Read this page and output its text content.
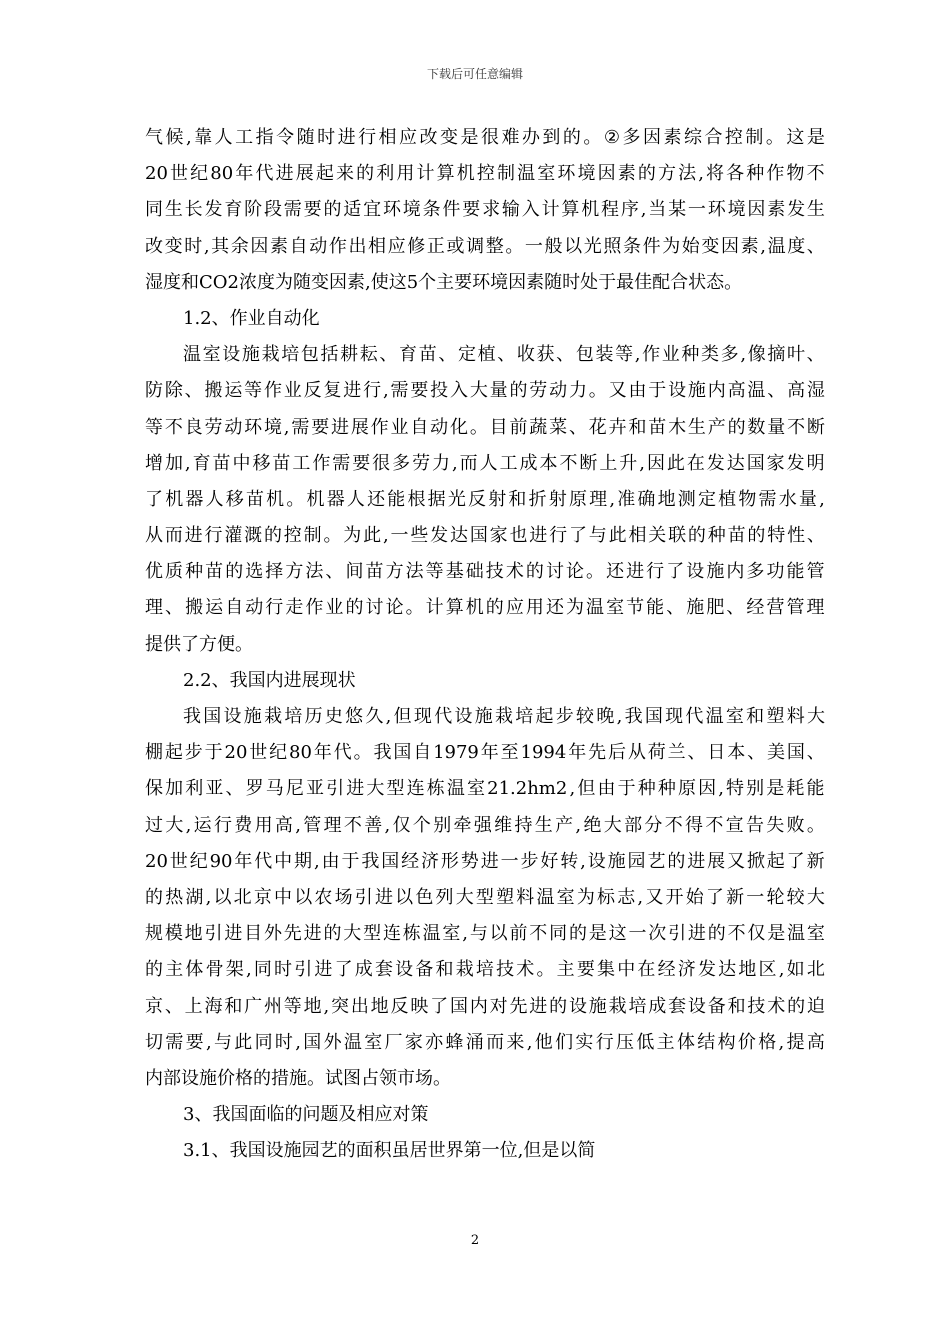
下载后可任意编辑
气 候 , 靠 人 工 指 令 随 时 进 行 相 应 改 变 是 很 难 办 到 的 。 ② 多 因 素 综 合 控 制 。 这 是
20 世 纪 80 年 代 进 展 起 来 的 利 用 计 算 机 控 制 温 室 环 境 因 素 的 方 法 , 将 各 种 作 物 不
同 生 长 发 育 阶 段 需 要 的 适 宜 环 境 条 件 要 求 输 入 计 算 机 程 序 , 当 某 一 环 境 因 素 发 生
改 变 时 , 其 余 因 素 自 动 作 出 相 应 修 正 或 调 整 。 一 般 以 光 照 条 件 为 始 变 因 素 , 温 度 、
湿度和CO2浓度为随变因素,使这5个主要环境因素随时处于最佳配合状态。
1.2、作业自动化
温 室 设 施 栽 培 包 括 耕 耘 、 育 苗 、 定 植 、 收 获 、 包 装 等 , 作 业 种 类 多 , 像 摘 叶 、
防 除 、 搬 运 等 作 业 反 复 进 行 , 需 要 投 入 大 量 的 劳 动 力 。 又 由 于 设 施 内 高 温 、 高 湿
等 不 良 劳 动 环 境 , 需 要 进 展 作 业 自 动 化 。 目 前 蔬 菜 、 花 卉 和 苗 木 生 产 的 数 量 不 断
增 加 , 育 苗 中 移 苗 工 作 需 要 很 多 劳 力 , 而 人 工 成 本 不 断 上 升 , 因 此 在 发 达 国 家 发 明
了 机 器 人 移 苗 机 。 机 器 人 还 能 根 据 光 反 射 和 折 射 原 理 , 准 确 地 测 定 植 物 需 水 量 ,
从 而 进 行 灌 溉 的 控 制 。 为 此 , 一 些 发 达 国 家 也 进 行 了 与 此 相 关 联 的 种 苗 的 特 性 、
优 质 种 苗 的 选 择 方 法 、 间 苗 方 法 等 基 础 技 术 的 讨 论 。 还 进 行 了 设 施 内 多 功 能 管
理 、 搬 运 自 动 行 走 作 业 的 讨 论 。 计 算 机 的 应 用 还 为 温 室 节 能 、 施 肥 、 经 营 管 理
提供了方便。
2.2、我国内进展现状
我 国 设 施 栽 培 历 史 悠 久 , 但 现 代 设 施 栽 培 起 步 较 晚 , 我 国 现 代 温 室 和 塑 料 大
棚 起 步 于 20 世 纪 80 年 代 。 我 国 自 1979 年 至 1994 年 先 后 从 荷 兰 、 日 本 、 美 国 、
保 加 利 亚 、 罗 马 尼 亚 引 进 大 型 连 栋 温 室 21.2hm2 , 但 由 于 种 种 原 因 , 特 别 是 耗 能
过 大 , 运 行 费 用 高 , 管 理 不 善 , 仅 个 别 牵 强 维 持 生 产 , 绝 大 部 分 不 得 不 宣 告 失 败 。
20 世 纪 90 年 代 中 期 , 由 于 我 国 经 济 形 势 进 一 步 好 转 , 设 施 园 艺 的 进 展 又 掀 起 了 新
的 热 湖 , 以 北 京 中 以 农 场 引 进 以 色 列 大 型 塑 料 温 室 为 标 志 , 又 开 始 了 新 一 轮 较 大
规 模 地 引 进 目 外 先 进 的 大 型 连 栋 温 室 , 与 以 前 不 同 的 是 这 一 次 引 进 的 不 仅 是 温 室
的 主 体 骨 架 , 同 时 引 进 了 成 套 设 备 和 栽 培 技 术 。 主 要 集 中 在 经 济 发 达 地 区 , 如 北
京 、 上 海 和 广 州 等 地 , 突 出 地 反 映 了 国 内 对 先 进 的 设 施 栽 培 成 套 设 备 和 技 术 的 迫
切 需 要 , 与 此 同 时 , 国 外 温 室 厂 家 亦 蜂 涌 而 来 , 他 们 实 行 压 低 主 体 结 构 价 格 , 提 高
内部设施价格的措施。试图占领市场。
3、我国面临的问题及相应对策
3.1、我国设施园艺的面积虽居世界第一位,但是以简
2
